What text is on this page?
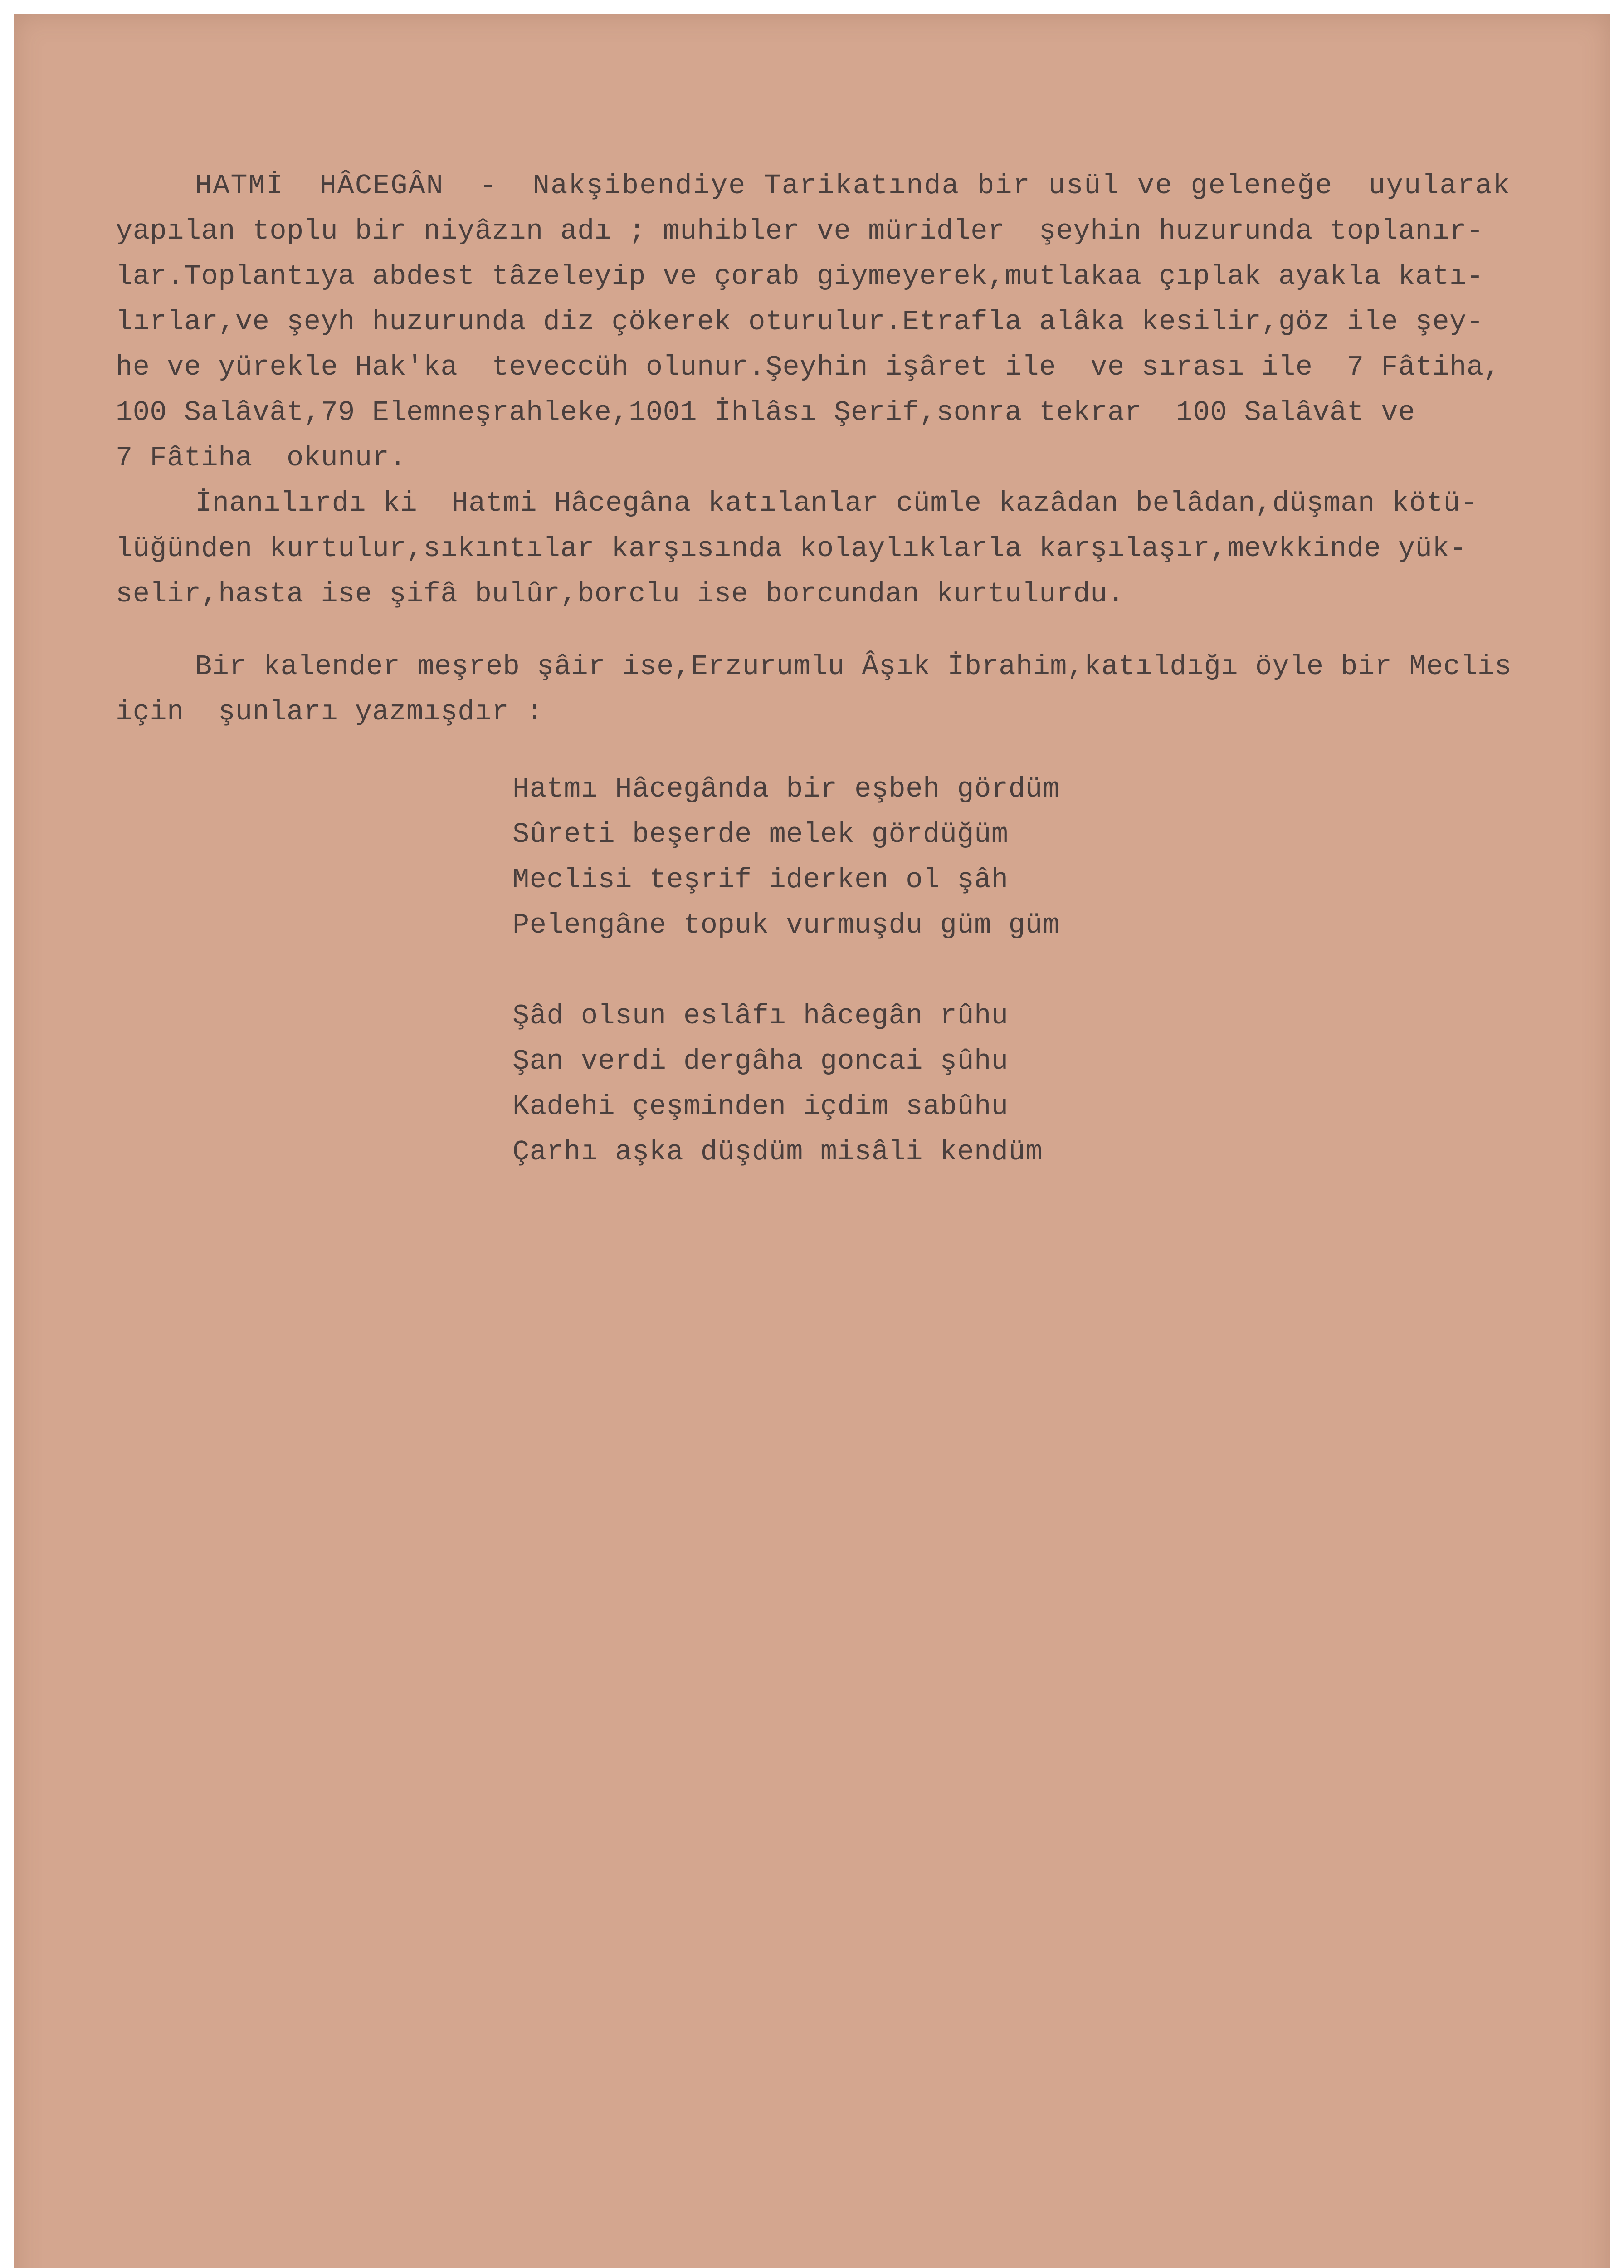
HATMİ  HÂCEGÂN  -  Nakşibendiye Tarikatında bir usül ve geleneğe  uyularak

yapılan toplu bir niyâzın adı ; muhibler ve müridler  şeyhin huzurunda toplanır-

lar.Toplantıya abdest tâzeleyip ve çorab giymeyerek,mutlakaa çıplak ayakla katı-

lırlar,ve şeyh huzurunda diz çökerek oturulur.Etrafla alâka kesilir,göz ile şey-

he ve yürekle Hak'ka  teveccüh olunur.Şeyhin işâret ile  ve sırası ile  7 Fâtiha,

100 Salâvât,79 Elemneşrahleke,1001 İhlâsı Şerif,sonra tekrar  100 Salâvât ve

7 Fâtiha  okunur.

İnanılırdı ki  Hatmi Hâcegâna katılanlar cümle kazâdan belâdan,düşman kötü-

lüğünden kurtulur,sıkıntılar karşısında kolaylıklarla karşılaşır,mevkkinde yük-

selir,hasta ise şifâ bulûr,borclu ise borcundan kurtulurdu.

Bir kalender meşreb şâir ise,Erzurumlu Âşık İbrahim,katıldığı öyle bir Meclis

için  şunları yazmışdır :

Hatmı Hâcegânda bir eşbeh gördüm

Sûreti beşerde melek gördüğüm

Meclisi teşrif iderken ol şâh

Pelengâne topuk vurmuşdu güm güm

Şâd olsun eslâfı hâcegân rûhu

Şan verdi dergâha goncai şûhu

Kadehi çeşminden içdim sabûhu

Çarhı aşka düşdüm misâli kendüm
